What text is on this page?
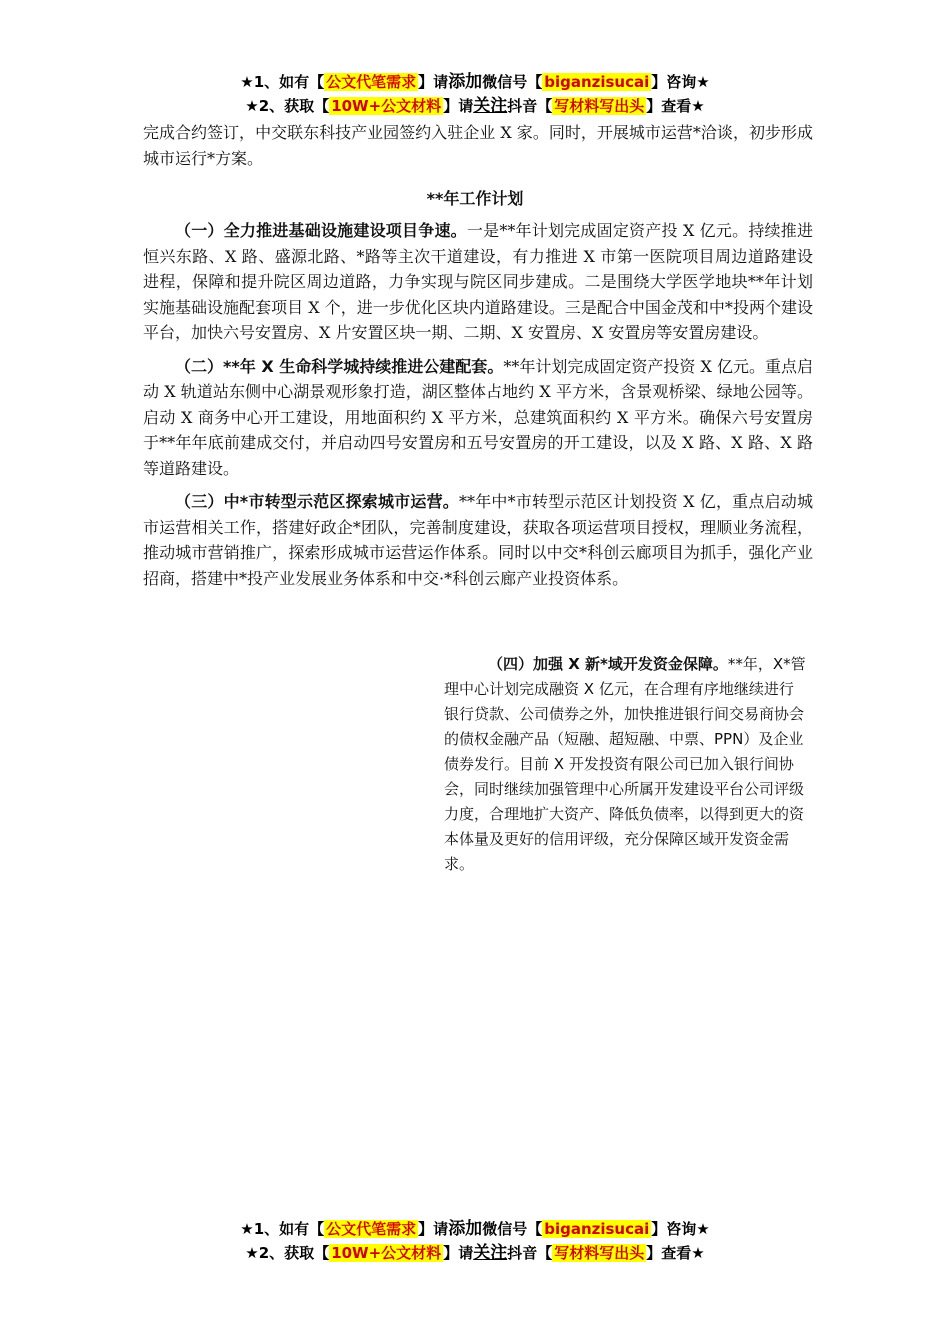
★1、如有【 公文代笔需求 】请添加微信号【 biganzisucai 】咨询★
★2、获取【 10W+公文材料 】请关注抖音【 写材料写出头 】查看★

完成合约签订，中交联东科技产业园签约入驻企业 X 家。同时，开展城市运营*洽谈，初步形成城市运行*方案。

**年工作计划

（一）全力推进基础设施建设项目争速。一是**年计划完成固定资产投 X 亿元。持续推进恒兴东路、X 路、盛源北路、*路等主次干道建设，有力推进 X 市第一医院项目周边道路建设进程，保障和提升院区周边道路，力争实现与院区同步建成。二是围绕大学医学地块**年计划实施基础设施配套项目 X 个，进一步优化区块内道路建设。三是配合中国金茂和中*投两个建设平台，加快六号安置房、X 片安置区块一期、二期、X 安置房、X 安置房等安置房建设。

（二）**年 X 生命科学城持续推进公建配套。**年计划完成固定资产投资 X 亿元。重点启动 X 轨道站东侧中心湖景观形象打造，湖区整体占地约 X 平方米，含景观桥梁、绿地公园等。启动 X 商务中心开工建设，用地面积约 X 平方米，总建筑面积约 X 平方米。确保六号安置房于**年年底前建成交付，并启动四号安置房和五号安置房的开工建设，以及 X 路、X 路、X 路等道路建设。

（三）中*市转型示范区探索城市运营。**年中*市转型示范区计划投资 X 亿，重点启动城市运营相关工作，搭建好政企*团队，完善制度建设，获取各项运营项目授权，理顺业务流程，推动城市营销推广，探索形成城市运营运作体系。同时以中交*科创云廊项目为抓手，强化产业招商，搭建中*投产业发展业务体系和中交·*科创云廊产业投资体系。

（四）加强 X 新*域开发资金保障。**年，X*管理中心计划完成融资 X 亿元，在合理有序地继续进行银行贷款、公司债券之外，加快推进银行间交易商协会的债权金融产品（短融、超短融、中票、PPN）及企业债券发行。目前 X 开发投资有限公司已加入银行间协会，同时继续加强管理中心所属开发建设平台公司评级力度，合理地扩大资产、降低负债率，以得到更大的资本体量及更好的信用评级，充分保障区域开发资金需求。
★1、如有【 公文代笔需求 】请添加微信号【 biganzisucai 】咨询★
★2、获取【 10W+公文材料 】请关注抖音【 写材料写出头 】查看★
